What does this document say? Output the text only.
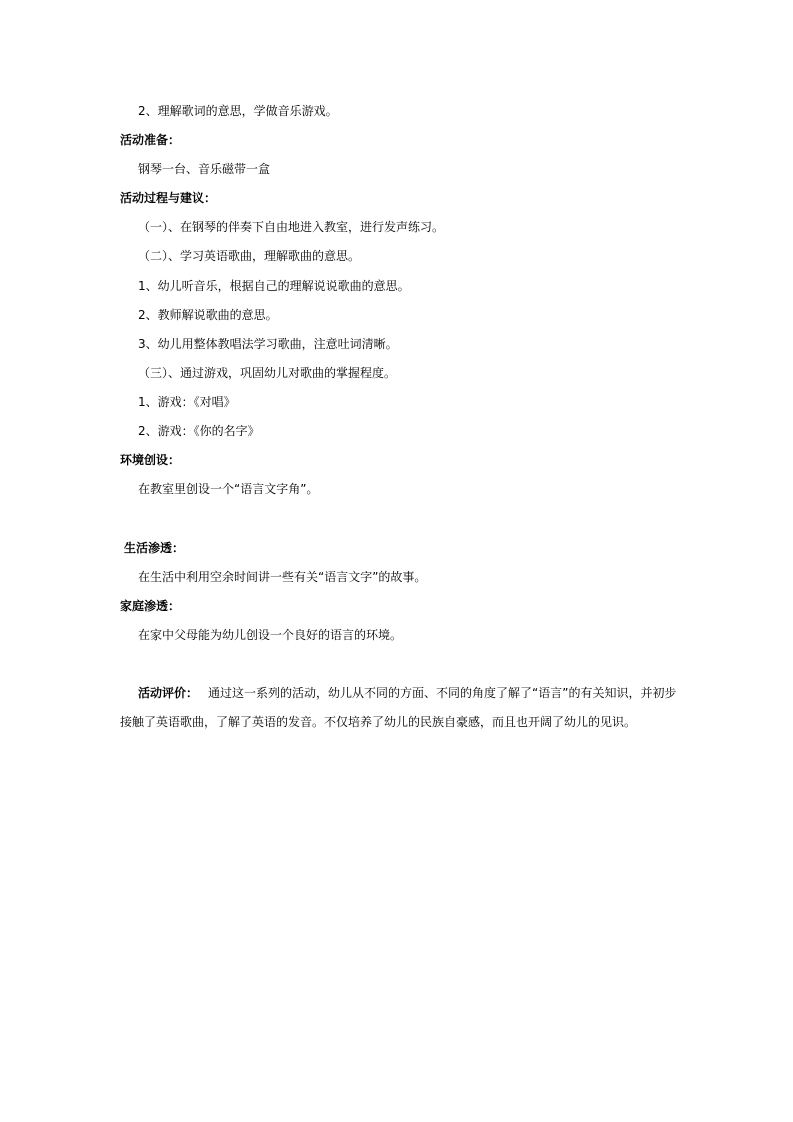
2、理解歌词的意思，学做音乐游戏。
活动准备：
钢琴一台、音乐磁带一盒
活动过程与建议：
（一）、在钢琴的伴奏下自由地进入教室，进行发声练习。
（二）、学习英语歌曲，理解歌曲的意思。
1、幼儿听音乐，根据自己的理解说说歌曲的意思。
2、教师解说歌曲的意思。
3、幼儿用整体教唱法学习歌曲，注意吐词清晰。
（三）、通过游戏，巩固幼儿对歌曲的掌握程度。
1、游戏：《对唱》
2、游戏：《你的名字》
环境创设：
在教室里创设一个“语言文字角”。
生活渗透：
在生活中利用空余时间讲一些有关“语言文字”的故事。
家庭渗透：
在家中父母能为幼儿创设一个良好的语言的环境。
活动评价： 通过这一系列的活动，幼儿从不同的方面、不同的角度了解了“语言”的有关知识，并初步接触了英语歌曲，了解了英语的发音。不仅培养了幼儿的民族自豪感，而且也开阔了幼儿的见识。
